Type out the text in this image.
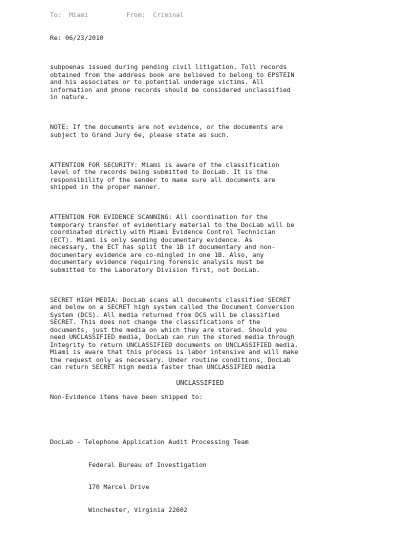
To:  Miami          From:  Criminal

Re: 06/23/2010

subpoenas issued during pending civil litigation. Toll records
obtained from the address book are believed to belong to EPSTEIN
and his associates or to potential underage victims. All
information and phone records should be considered unclassified
in nature.

NOTE: If the documents are not evidence, or the documents are
subject to Grand Jury 6e, please state as such.

ATTENTION FOR SECURITY: Miami is aware of the classification
level of the records being submitted to DocLab. It is the
responsibility of the sender to make sure all documents are
shipped in the proper manner.

ATTENTION FOR EVIDENCE SCANNING: All coordination for the
temporary transfer of evidentiary material to the DocLab will be
coordinated directly with Miami Evidence Control Technician
(ECT). Miami is only sending documentary evidence. As
necessary, the ECT has split the 1B if documentary and non-
documentary evidence are co-mingled in one 1B. Also, any
documentary evidence requiring forensic analysis must be
submitted to the Laboratory Division first, not DocLab.

SECRET HIGH MEDIA: DocLab scans all documents classified SECRET
and below on a SECRET high system called the Document Conversion
System (DCS). All media returned from DCS will be classified
SECRET. This does not change the classifications of the
documents, just the media on which they are stored. Should you
need UNCLASSIFIED media, DocLab can run the stored media through
Integrity to return UNCLASSIFIED documents on UNCLASSIFIED media.
Miami is aware that this process is labor intensive and will make
the request only as necessary. Under routine conditions, DocLab
can return SECRET high media faster than UNCLASSIFIED media

Non-Evidence items have been shipped to:

DocLab - Telephone Application Audit Processing Team

Federal Bureau of Investigation

170 Marcel Drive

Winchester, Virginia 22602

UNCLASSIFIED
